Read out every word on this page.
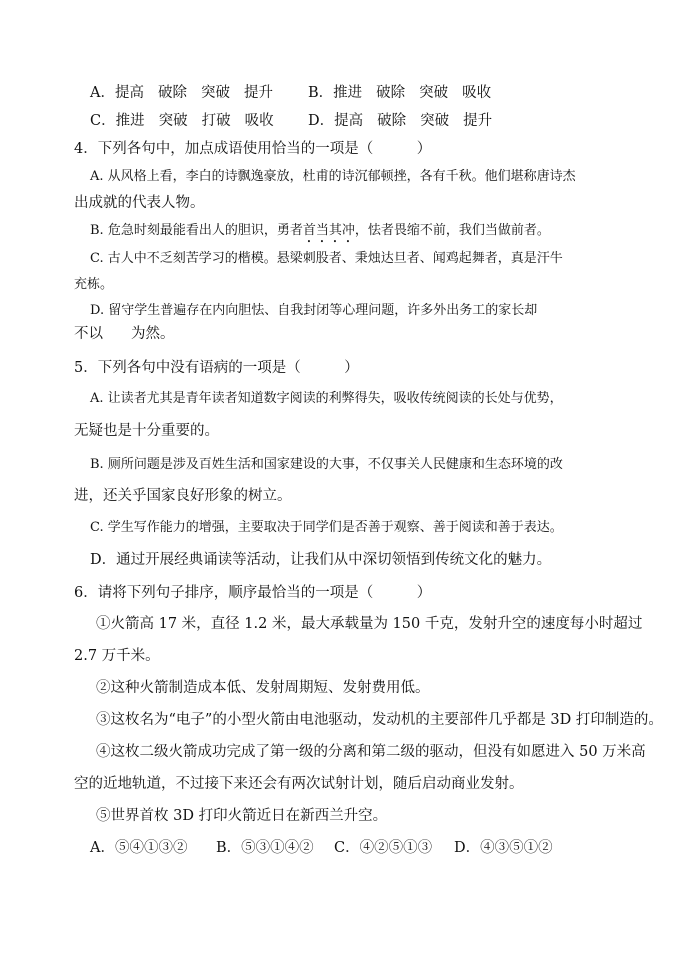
A．提高 破除 突破 提升	B．推进 破除 突破 吸收
C．推进 突破 打破 吸收	D．提高 破除 突破 提升
4．下列各句中，加点成语使用恰当的一项是（　　　）
A. 从风格上看，李白的诗飘逸豪放，杜甫的诗沉郁顿挫，各有千秋。他们堪称唐诗杰
出成就的代表人物。
B. 危急时刻最能看出人的胆识，勇者首当其冲，怯者畏缩不前，我们当做前者。
C. 古人中不乏刻苦学习的楷模。悬梁刺股者、秉烛达旦者、闻鸡起舞者，真是汗牛
充栋。
D. 留守学生普遍存在内向胆怯、自我封闭等心理问题，许多外出务工的家长却
不以 为然。
5．下列各句中没有语病的一项是（　　　）
A. 让读者尤其是青年读者知道数字阅读的利弊得失，吸收传统阅读的长处与优势，
无疑也是十分重要的。
B. 厕所问题是涉及百姓生活和国家建设的大事，不仅事关人民健康和生态环境的改
进，还关乎国家良好形象的树立。
C. 学生写作能力的增强，主要取决于同学们是否善于观察、善于阅读和善于表达。
D．通过开展经典诵读等活动，让我们从中深切领悟到传统文化的魅力。
6．请将下列句子排序，顺序最恰当的一项是（　　　）
①火箭高 17 米，直径 1.2 米，最大承载量为 150 千克，发射升空的速度每小时超过
2.7 万千米。
②这种火箭制造成本低、发射周期短、发射费用低。
③这枚名为“电子”的小型火箭由电池驱动，发动机的主要部件几乎都是 3D 打印制造的。
④这枚二级火箭成功完成了第一级的分离和第二级的驱动，但没有如愿进入 50 万米高
空的近地轨道，不过接下来还会有两次试射计划，随后启动商业发射。
⑤世界首枚 3D 打印火箭近日在新西兰升空。
A．⑤④①③② B．⑤③①④② C．④②⑤①③ D．④③⑤①②
